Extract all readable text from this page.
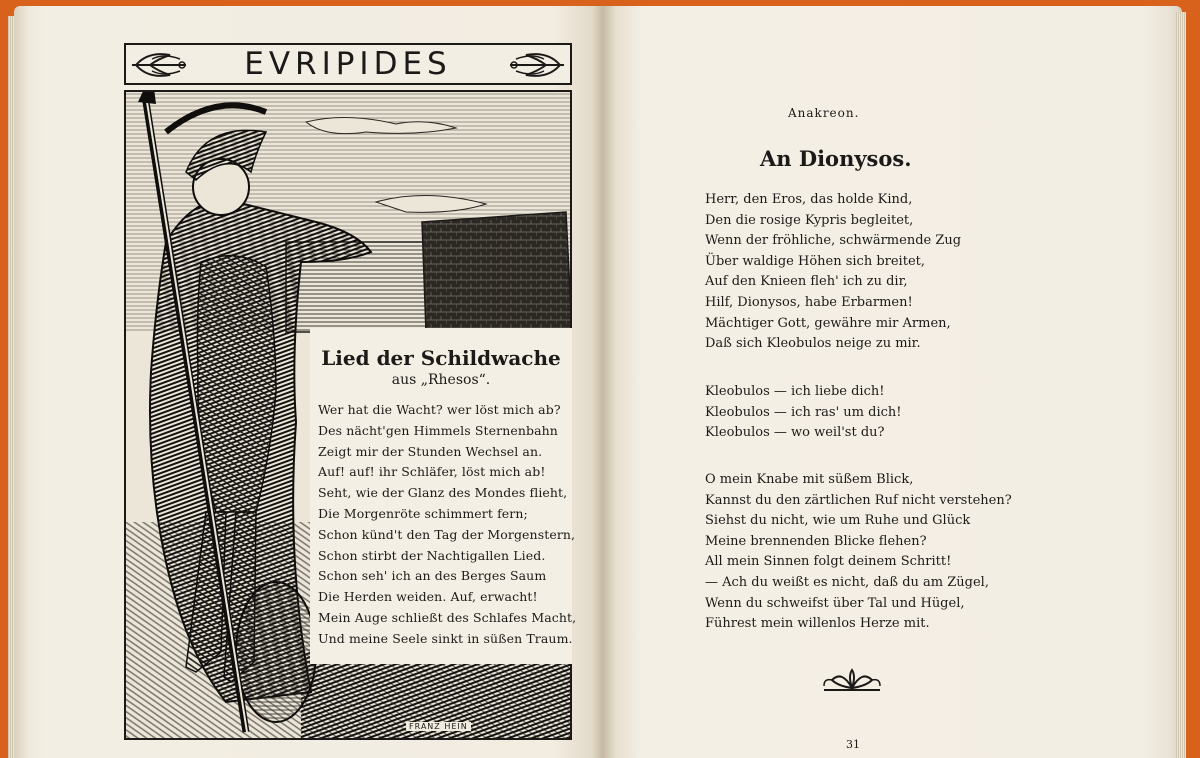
EVRIPIDES
FRANZ HEIN
Lied der Schildwache
aus „Rhesos“.
Wer hat die Wacht? wer löst mich ab?
Des nächt'gen Himmels Sternenbahn
Zeigt mir der Stunden Wechsel an.
Auf! auf! ihr Schläfer, löst mich ab!
Seht, wie der Glanz des Mondes flieht,
Die Morgenröte schimmert fern;
Schon künd't den Tag der Morgenstern,
Schon stirbt der Nachtigallen Lied.
Schon seh' ich an des Berges Saum
Die Herden weiden. Auf, erwacht!
Mein Auge schließt des Schlafes Macht,
Und meine Seele sinkt in süßen Traum.
Anakreon.
An Dionysos.
Herr, den Eros, das holde Kind,
Den die rosige Kypris begleitet,
Wenn der fröhliche, schwärmende Zug
Über waldige Höhen sich breitet,
Auf den Knieen fleh' ich zu dir,
Hilf, Dionysos, habe Erbarmen!
Mächtiger Gott, gewähre mir Armen,
Daß sich Kleobulos neige zu mir.
Kleobulos — ich liebe dich!
Kleobulos — ich ras' um dich!
Kleobulos — wo weil'st du?
O mein Knabe mit süßem Blick,
Kannst du den zärtlichen Ruf nicht verstehen?
Siehst du nicht, wie um Ruhe und Glück
Meine brennenden Blicke flehen?
All mein Sinnen folgt deinem Schritt!
— Ach du weißt es nicht, daß du am Zügel,
Wenn du schweifst über Tal und Hügel,
Führest mein willenlos Herze mit.
31
